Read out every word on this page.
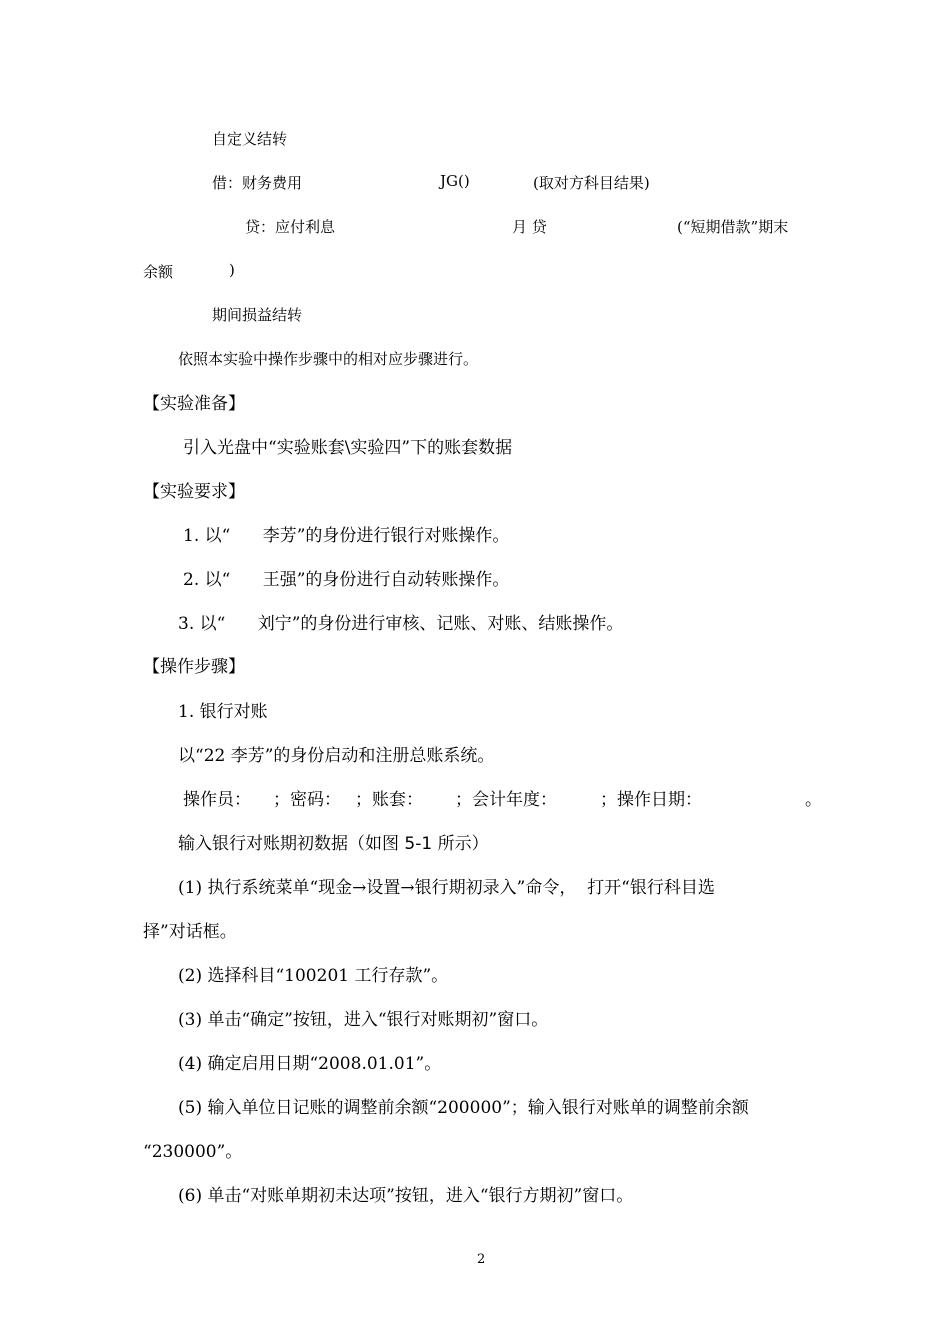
自定义结转
借：财务费用	JG()	(取对方科目结果)
贷：应付利息	月 贷	(“短期借款”期末
余额	)
期间损益结转
依照本实验中操作步骤中的相对应步骤进行。
【实验准备】
引入光盘中“实验账套\实验四”下的账套数据
【实验要求】
1. 以“      李芳”的身份进行银行对账操作。
2. 以“      王强”的身份进行自动转账操作。
3. 以“      刘宁”的身份进行审核、记账、对账、结账操作。
【操作步骤】
1. 银行对账
以“22 李芳”的身份启动和注册总账系统。
操作员： ；密码： ；账套： ；会计年度：	；操作日期：	。
输入银行对账期初数据（如图 5-1 所示）
(1) 执行系统菜单“现金→设置→银行期初录入”命令，  打开“银行科目选
择”对话框。
(2) 选择科目“100201 工行存款”。
(3) 单击“确定”按钮，进入“银行对账期初”窗口。
(4) 确定启用日期“2008.01.01”。
(5) 输入单位日记账的调整前余额“200000”；输入银行对账单的调整前余额
“230000”。
(6) 单击“对账单期初未达项”按钮，进入“银行方期初”窗口。
2
